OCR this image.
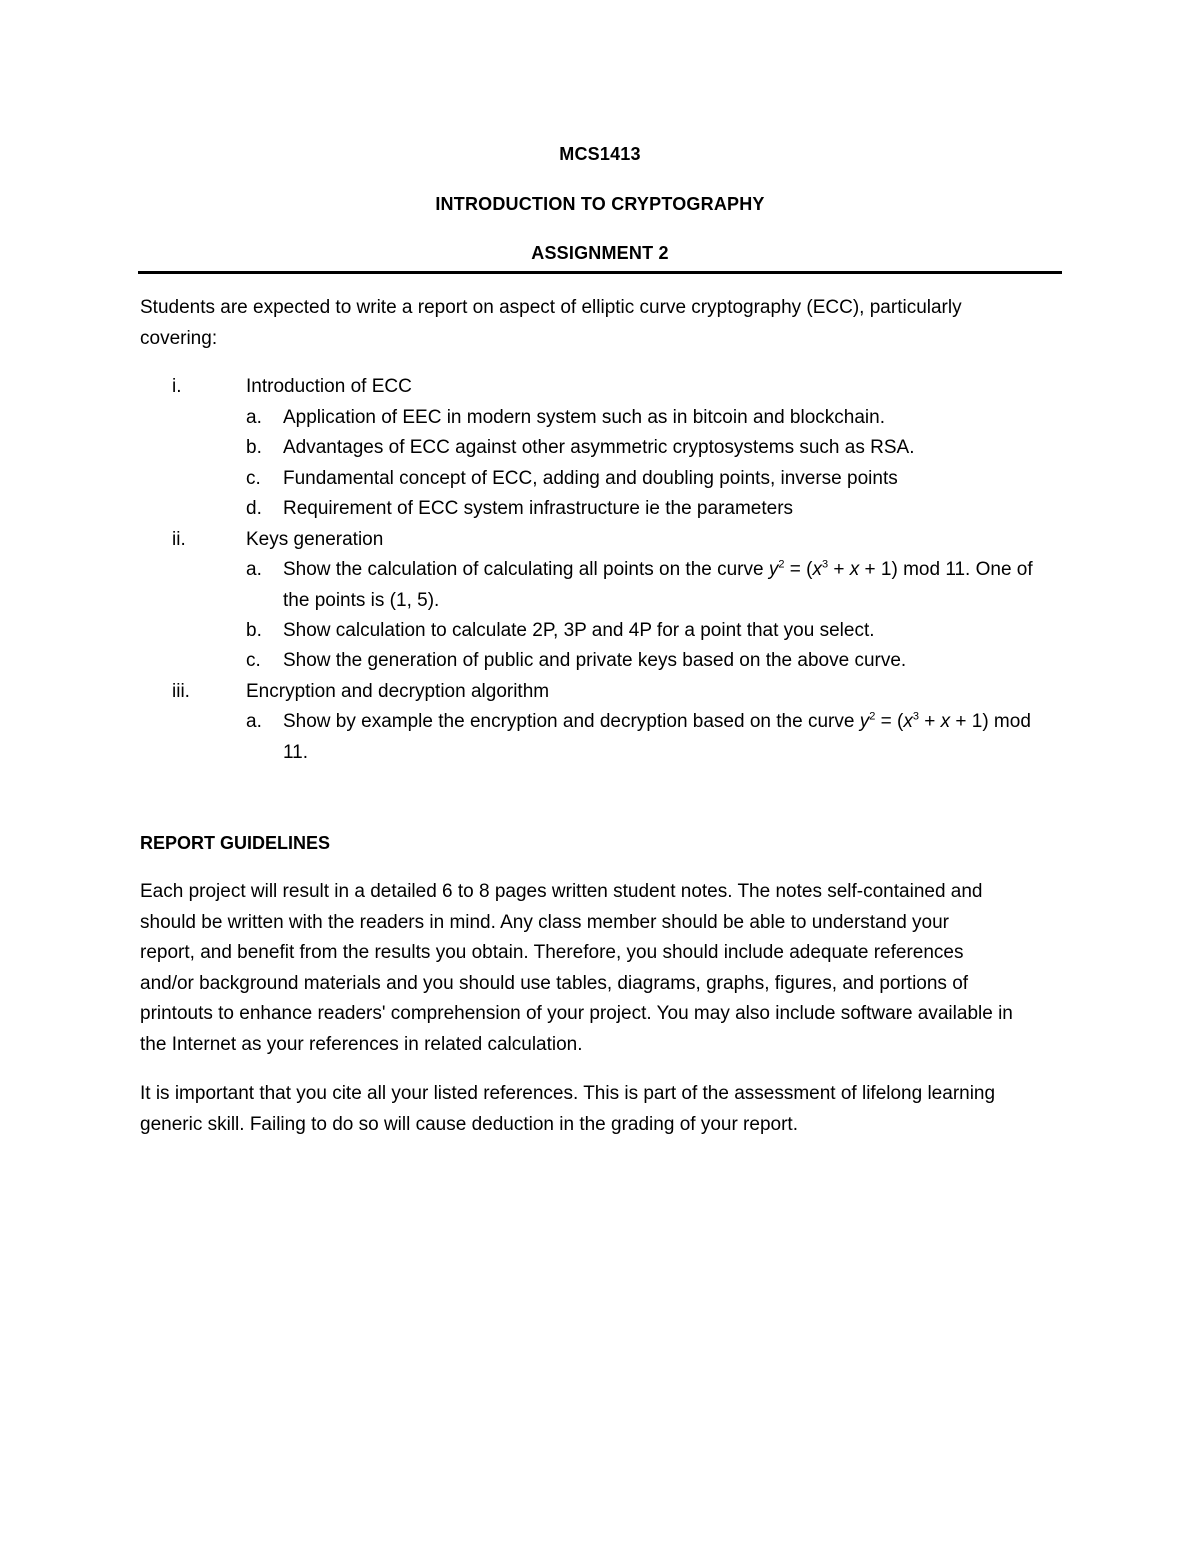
MCS1413
INTRODUCTION TO CRYPTOGRAPHY
ASSIGNMENT 2
Students are expected to write a report on aspect of elliptic curve cryptography (ECC), particularly
covering:
i.	Introduction of ECC
a. Application of EEC in modern system such as in bitcoin and blockchain.
b. Advantages of ECC against other asymmetric cryptosystems such as RSA.
c. Fundamental concept of ECC, adding and doubling points, inverse points
d. Requirement of ECC system infrastructure ie the parameters
ii.	Keys generation
a. Show the calculation of calculating all points on the curve $y^2 = (x^3 + x + 1)$ mod 11. One of
the points is (1, 5).
b. Show calculation to calculate 2P, 3P and 4P for a point that you select.
c. Show the generation of public and private keys based on the above curve.
iii.	Encryption and decryption algorithm
a. Show by example the encryption and decryption based on the curve $y^2 = (x^3 + x + 1)$ mod
11.
REPORT GUIDELINES
Each project will result in a detailed 6 to 8 pages written student notes. The notes self-contained and
should be written with the readers in mind. Any class member should be able to understand your
report, and benefit from the results you obtain. Therefore, you should include adequate references
and/or background materials and you should use tables, diagrams, graphs, figures, and portions of
printouts to enhance readers' comprehension of your project. You may also include software available in
the Internet as your references in related calculation.
It is important that you cite all your listed references. This is part of the assessment of lifelong learning
generic skill. Failing to do so will cause deduction in the grading of your report.
